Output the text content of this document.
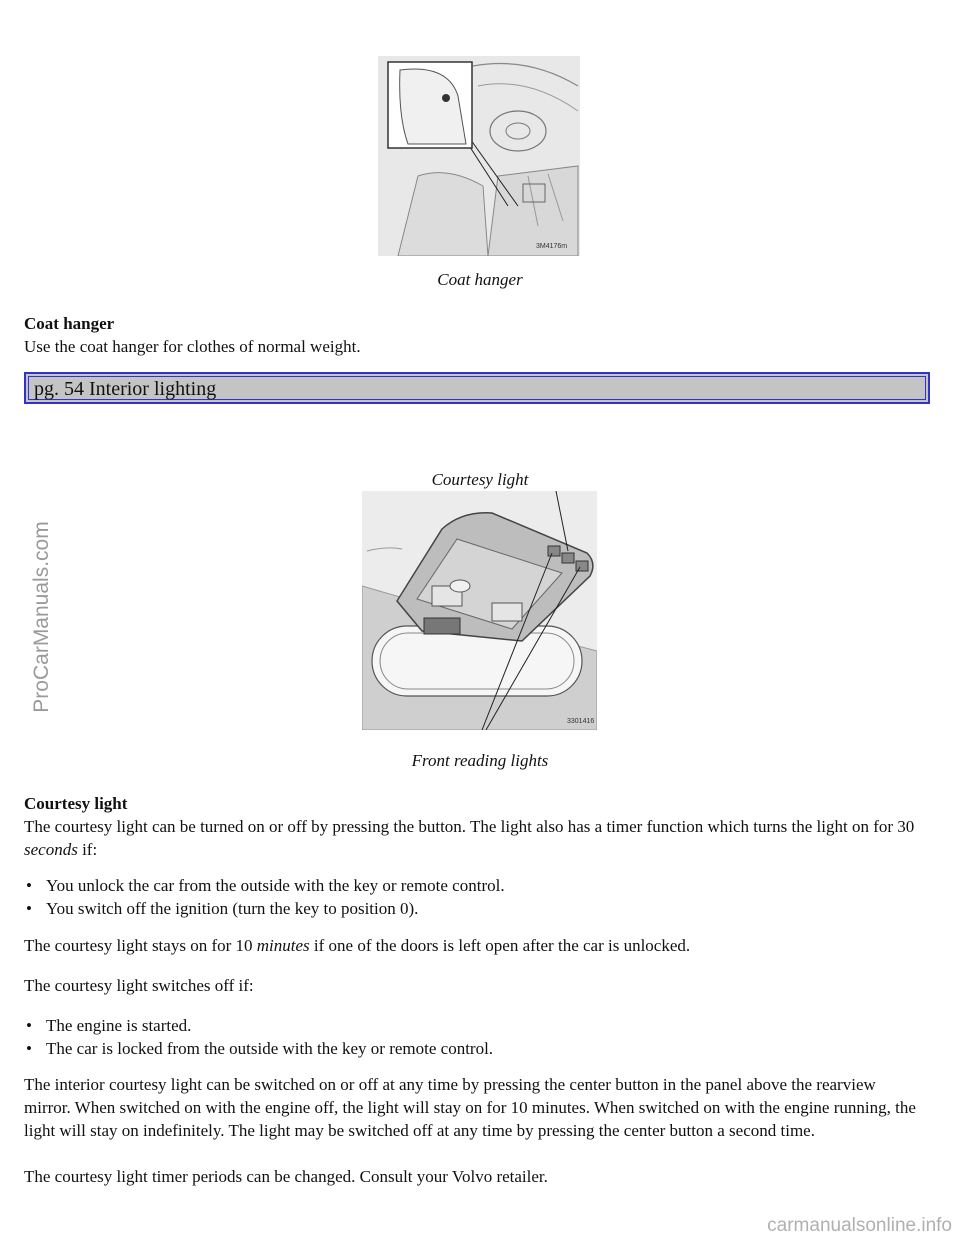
3M4176m
Coat hanger
Coat hanger
Use the coat hanger for clothes of normal weight.
pg. 54 Interior lighting
Courtesy light
3301416
Front reading lights
Courtesy light
The courtesy light can be turned on or off by pressing the button. The light also has a timer function which turns the light on for 30 seconds if:
• You unlock the car from the outside with the key or remote control.
• You switch off the ignition (turn the key to position 0).
The courtesy light stays on for 10 minutes if one of the doors is left open after the car is unlocked.
The courtesy light switches off if:
• The engine is started.
• The car is locked from the outside with the key or remote control.
The interior courtesy light can be switched on or off at any time by pressing the center button in the panel above the rearview mirror. When switched on with the engine off, the light will stay on for 10 minutes. When switched on with the engine running, the light will stay on indefinitely. The light may be switched off at any time by pressing the center button a second time.
The courtesy light timer periods can be changed. Consult your Volvo retailer.
ProCarManuals.com
carmanualsonline.info
